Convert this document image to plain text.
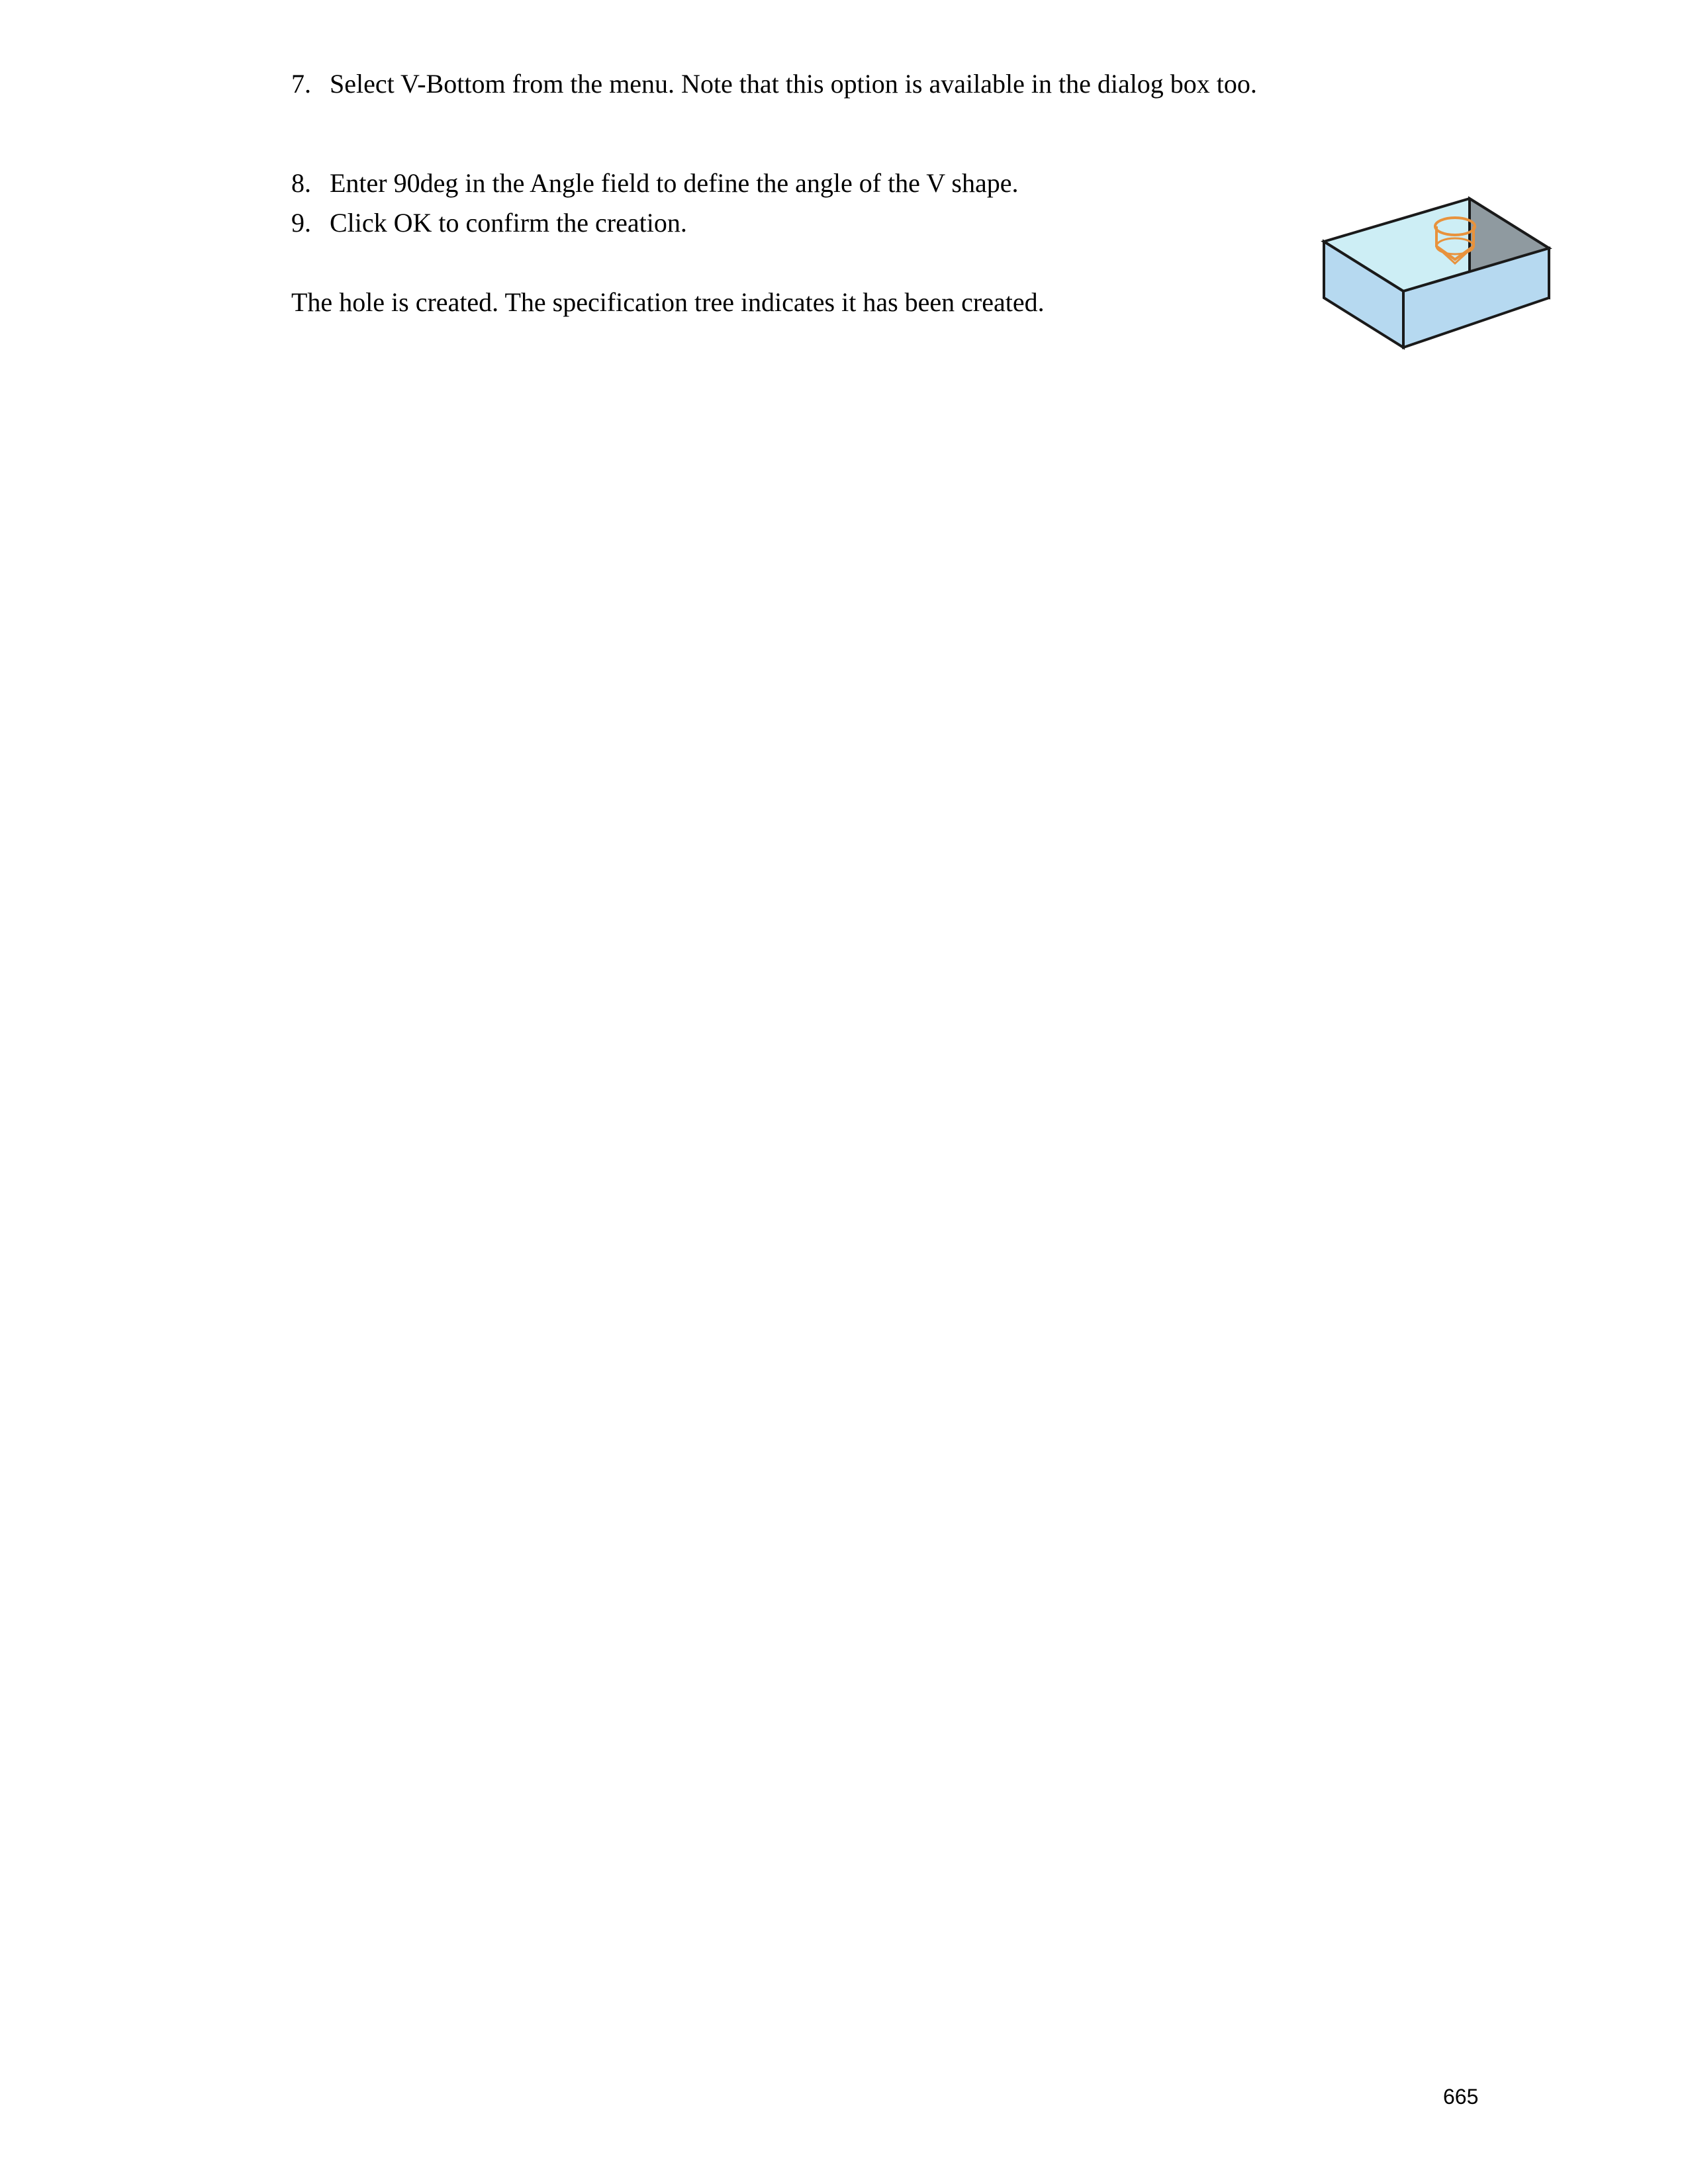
7. Select V-Bottom from the menu. Note that this option is available in the dialog box too.
8. Enter 90deg in the Angle field to define the angle of the V shape.
9. Click OK to confirm the creation.

The hole is created. The specification tree indicates it has been created.

665
